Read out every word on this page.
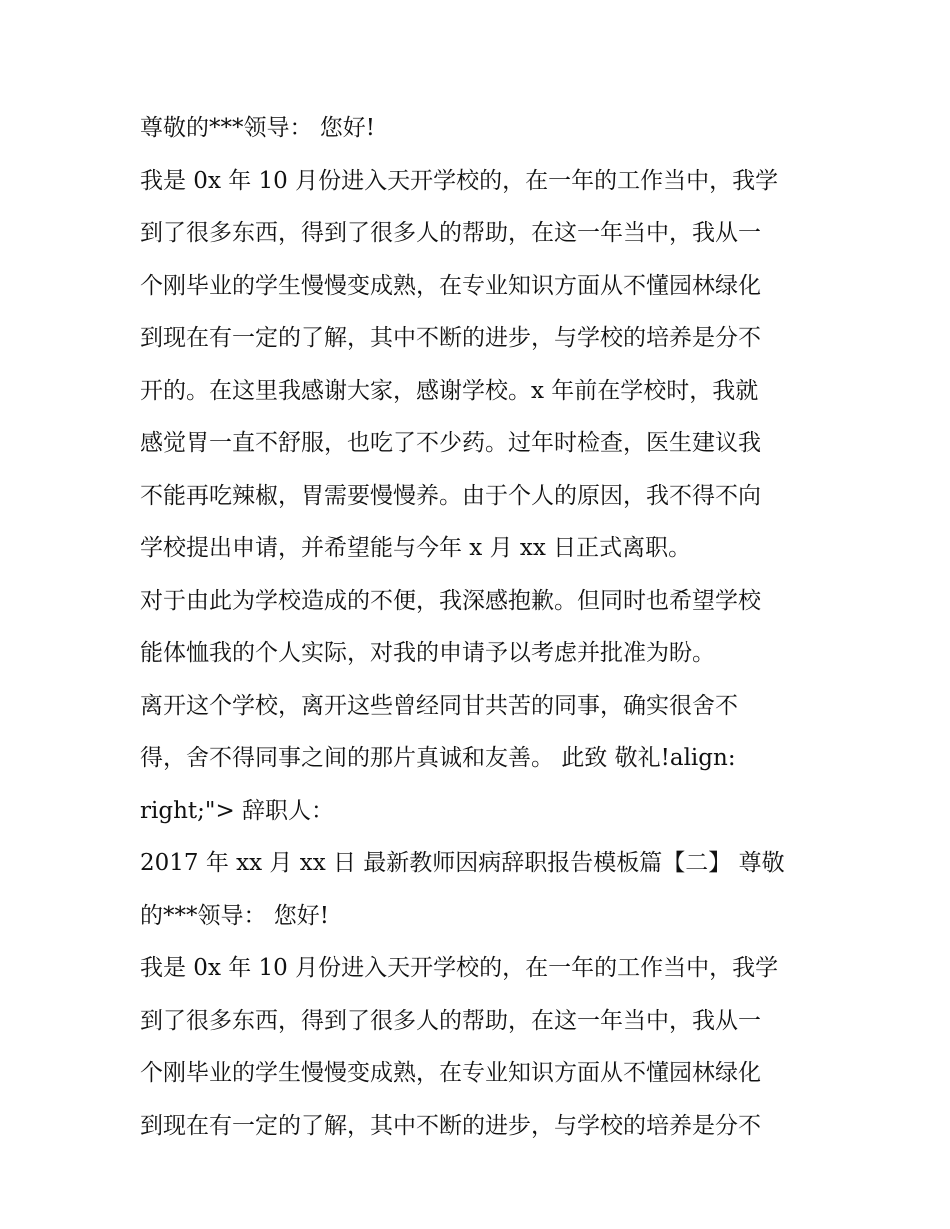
尊敬的***领导： 您好!
我是 0x 年 10 月份进入天开学校的，在一年的工作当中，我学
到了很多东西，得到了很多人的帮助，在这一年当中，我从一
个刚毕业的学生慢慢变成熟，在专业知识方面从不懂园林绿化
到现在有一定的了解，其中不断的进步，与学校的培养是分不
开的。在这里我感谢大家，感谢学校。x 年前在学校时，我就
感觉胃一直不舒服，也吃了不少药。过年时检查，医生建议我
不能再吃辣椒，胃需要慢慢养。由于个人的原因，我不得不向
学校提出申请，并希望能与今年 x 月 xx 日正式离职。
对于由此为学校造成的不便，我深感抱歉。但同时也希望学校
能体恤我的个人实际，对我的申请予以考虑并批准为盼。
离开这个学校，离开这些曾经同甘共苦的同事，确实很舍不
得，舍不得同事之间的那片真诚和友善。 此致 敬礼!align:
right;"> 辞职人：
2017 年 xx 月 xx 日 最新教师因病辞职报告模板篇【二】 尊敬
的***领导： 您好!
我是 0x 年 10 月份进入天开学校的，在一年的工作当中，我学
到了很多东西，得到了很多人的帮助，在这一年当中，我从一
个刚毕业的学生慢慢变成熟，在专业知识方面从不懂园林绿化
到现在有一定的了解，其中不断的进步，与学校的培养是分不
